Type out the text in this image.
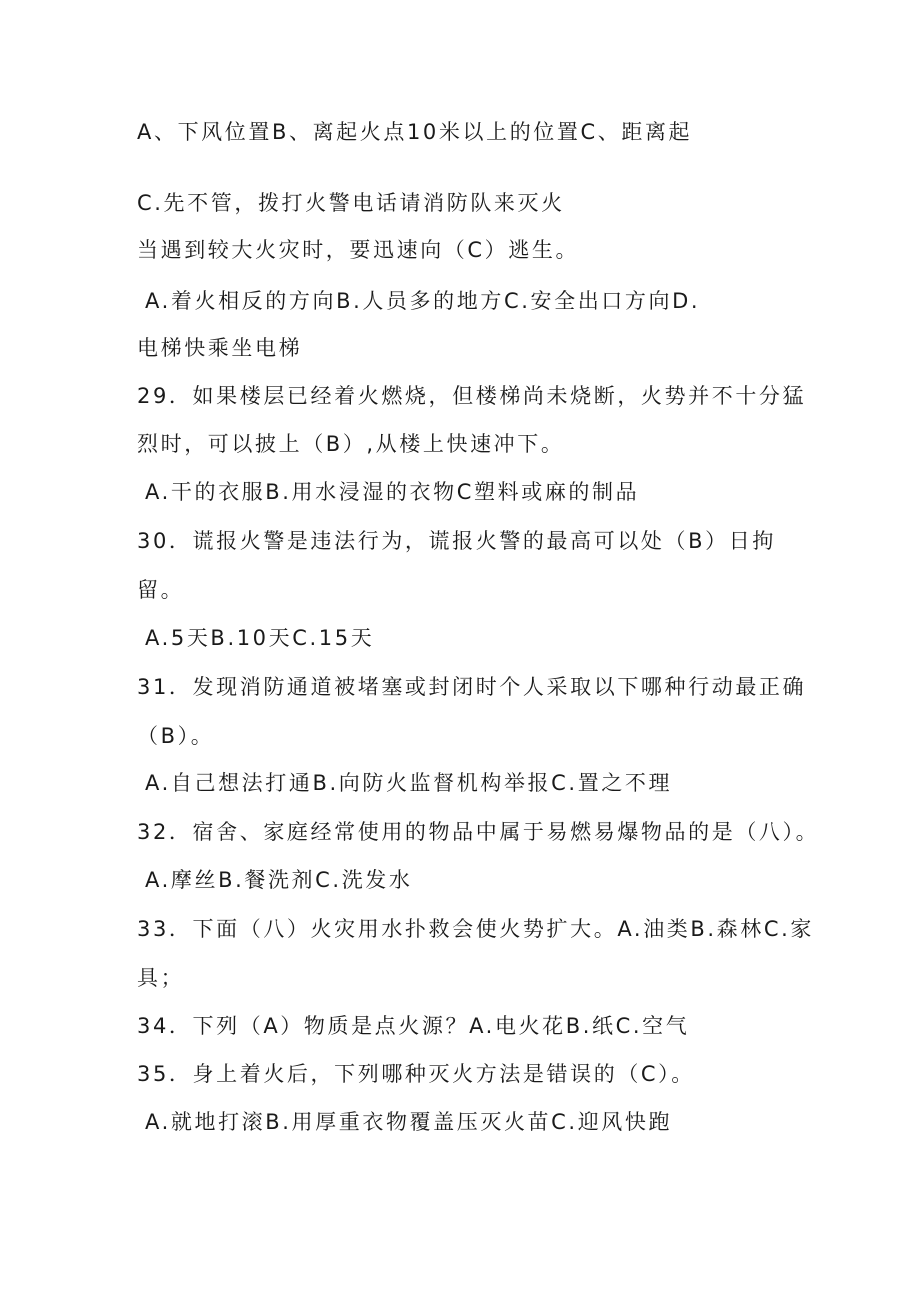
A、下风位置B、离起火点10米以上的位置C、距离起
C.先不管，拨打火警电话请消防队来灭火
当遇到较大火灾时，要迅速向（C）逃生。
A.着火相反的方向B.人员多的地方C.安全出口方向D.
电梯快乘坐电梯
29．如果楼层已经着火燃烧，但楼梯尚未烧断，火势并不十分猛
烈时，可以披上（B）,从楼上快速冲下。
A.干的衣服B.用水浸湿的衣物C塑料或麻的制品
30．谎报火警是违法行为，谎报火警的最高可以处（B）日拘
留。
A.5天B.10天C.15天
31．发现消防通道被堵塞或封闭时个人采取以下哪种行动最正确
（B）。
A.自己想法打通B.向防火监督机构举报C.置之不理
32．宿舍、家庭经常使用的物品中属于易燃易爆物品的是（八）。
A.摩丝B.餐洗剂C.洗发水
33．下面（八）火灾用水扑救会使火势扩大。A.油类B.森林C.家
具；
34．下列（A）物质是点火源？A.电火花B.纸C.空气
35．身上着火后，下列哪种灭火方法是错误的（C）。
A.就地打滚B.用厚重衣物覆盖压灭火苗C.迎风快跑
